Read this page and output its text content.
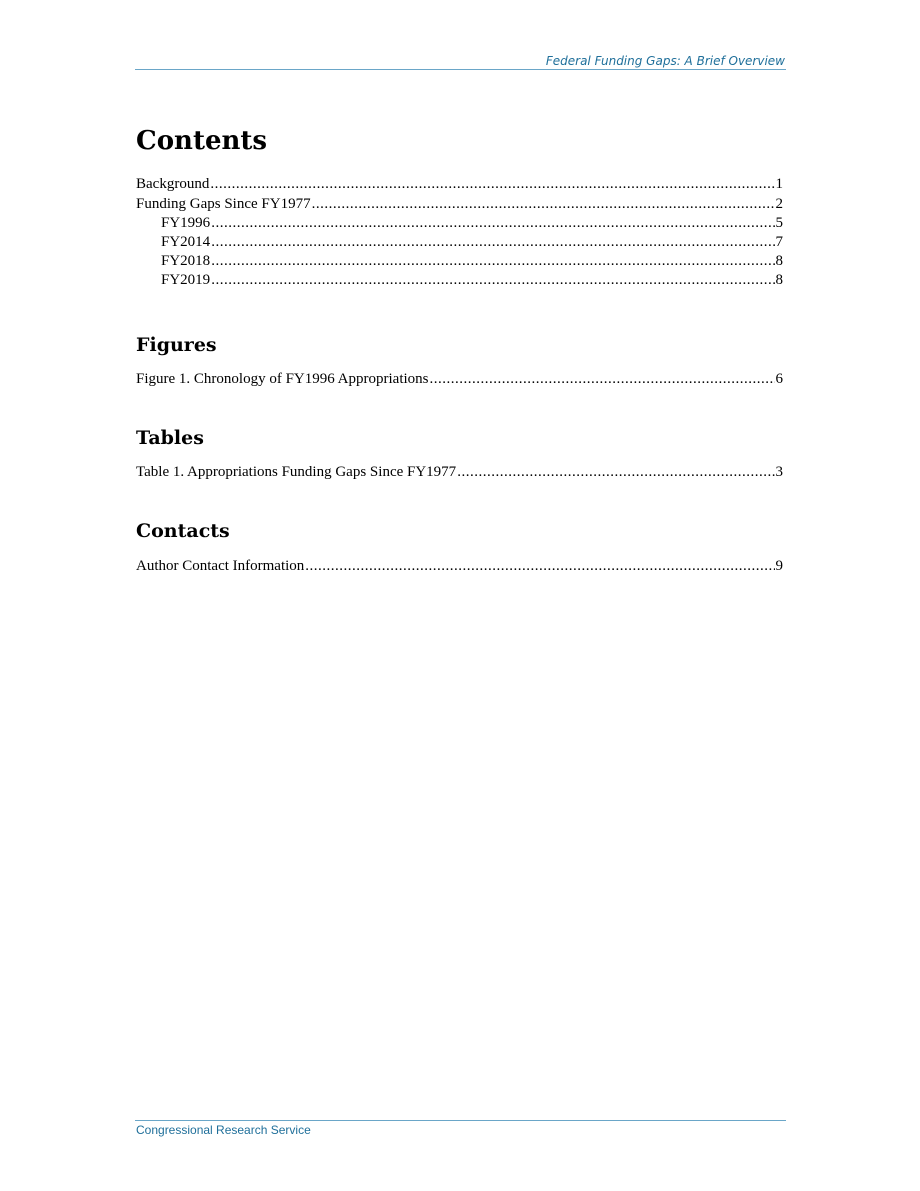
Federal Funding Gaps: A Brief Overview
Contents
Background .....	1
Funding Gaps Since FY1977 .....	2
FY1996 .....	5
FY2014 .....	7
FY2018 .....	8
FY2019 .....	8
Figures
Figure 1. Chronology of FY1996 Appropriations .....	6
Tables
Table 1. Appropriations Funding Gaps Since FY1977 .....	3
Contacts
Author Contact Information .....	9
Congressional Research Service
